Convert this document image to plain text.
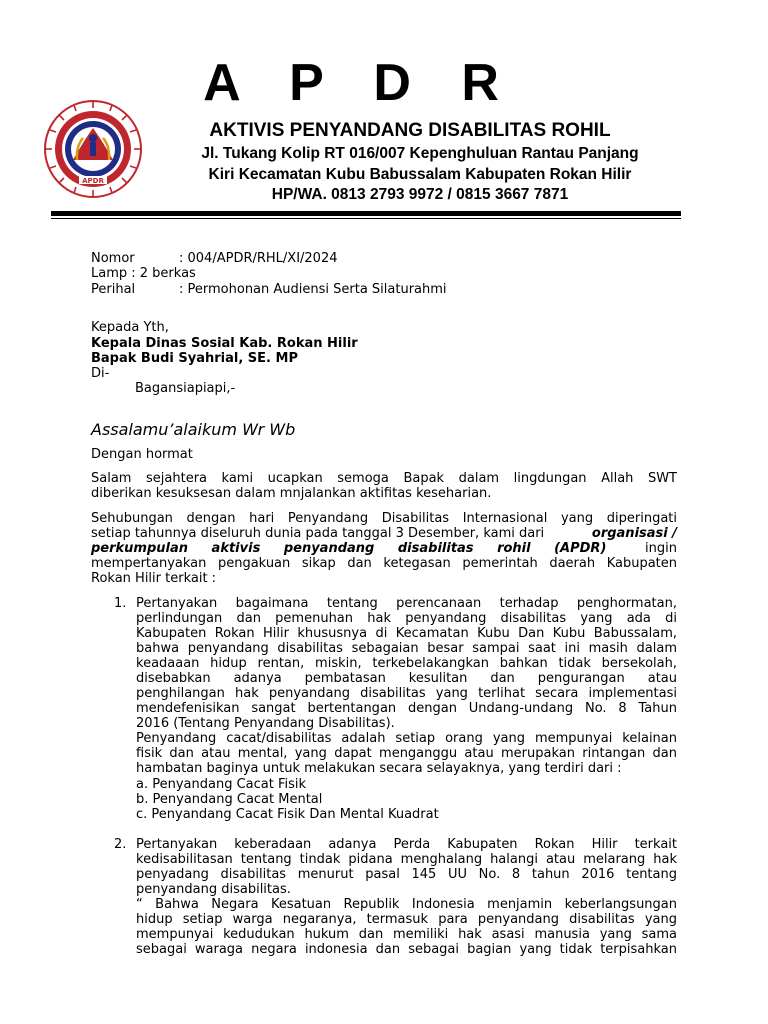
APDR
A P D R
AKTIVIS PENYANDANG DISABILITAS ROHIL
Jl. Tukang Kolip RT 016/007 Kepenghuluan Rantau Panjang
Kiri Kecamatan Kubu Babussalam Kabupaten Rokan Hilir
HP/WA. 0813 2793 9972 / 0815 3667 7871
Nomor	: 004/APDR/RHL/XI/2024
Lamp : 2 berkas
Perihal	: Permohonan Audiensi Serta Silaturahmi
Kepada Yth,
Kepala Dinas Sosial Kab. Rokan Hilir
Bapak Budi Syahrial, SE. MP
Di-
Bagansiapiapi,-
Assalamu’alaikum Wr Wb
Dengan hormat
Salam sejahtera kami ucapkan semoga Bapak dalam lingdungan Allah SWT
diberikan kesuksesan dalam mnjalankan aktifitas keseharian.
Sehubungan dengan hari Penyandang Disabilitas Internasional yang diperingati
setiap tahunnya diseluruh dunia pada tanggal 3 Desember, kami dari	organisasi /
perkumpulan aktivis penyandang disabilitas rohil (APDR)	ingin
mempertanyakan pengakuan sikap dan ketegasan pemerintah daerah Kabupaten
Rokan Hilir terkait :
1. Pertanyakan bagaimana tentang perencanaan terhadap penghormatan,
perlindungan dan pemenuhan hak penyandang disabilitas yang ada di
Kabupaten Rokan Hilir khususnya di Kecamatan Kubu Dan Kubu Babussalam,
bahwa penyandang disabilitas sebagaian besar sampai saat ini masih dalam
keadaaan hidup rentan, miskin, terkebelakangkan bahkan tidak bersekolah,
disebabkan adanya pembatasan kesulitan dan pengurangan atau
penghilangan hak penyandang disabilitas yang terlihat secara implementasi
mendefenisikan sangat bertentangan dengan Undang-undang No. 8 Tahun
2016 (Tentang Penyandang Disabilitas).
Penyandang cacat/disabilitas adalah setiap orang yang mempunyai kelainan
fisik dan atau mental, yang dapat menganggu atau merupakan rintangan dan
hambatan baginya untuk melakukan secara selayaknya, yang terdiri dari :
a. Penyandang Cacat Fisik
b. Penyandang Cacat Mental
c. Penyandang Cacat Fisik Dan Mental Kuadrat
2. Pertanyakan keberadaan adanya Perda Kabupaten Rokan Hilir terkait
kedisabilitasan tentang tindak pidana menghalang halangi atau melarang hak
penyadang disabilitas menurut pasal 145 UU No. 8 tahun 2016 tentang
penyandang disabilitas.
“ Bahwa Negara Kesatuan Republik Indonesia menjamin keberlangsungan
hidup setiap warga negaranya, termasuk para penyandang disabilitas yang
mempunyai kedudukan hukum dan memiliki hak asasi manusia yang sama
sebagai waraga negara indonesia dan sebagai bagian yang tidak terpisahkan
